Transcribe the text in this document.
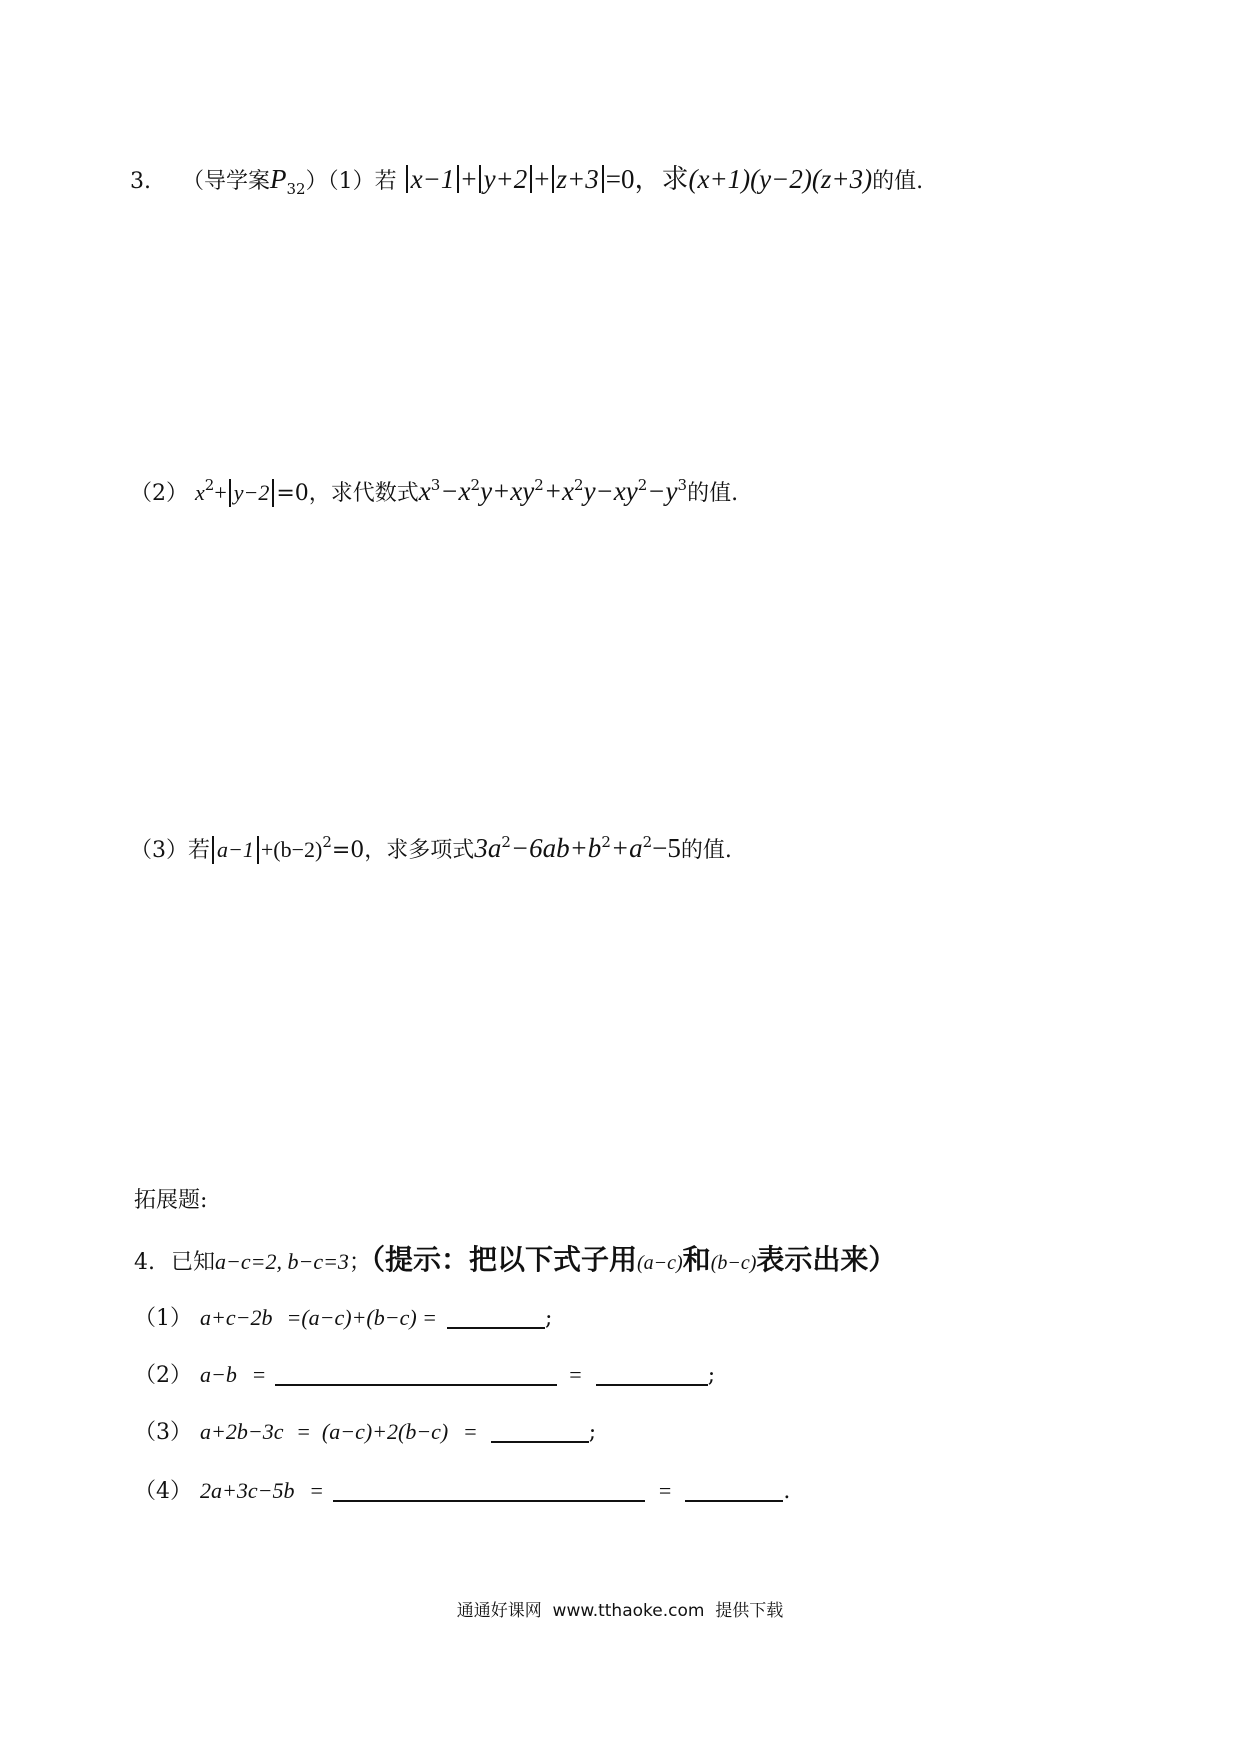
3. （导学案$P_{32})(1)$若 x−1 + y+2 + z+3 =0，求(x+1)(y−2)(z+3)的值.
（2） $x^2+ y-2 =0$，求代数式$x^3-x^2y+xy^2+x^2y-xy^2-y^3$的值.
（3）若 $a-1 +(b-2)^2=0$，求多项式$3a^2-6ab+b^2+a^2-5$的值.
拓展题:
4. 已知a−c=2, b−c=3；（提示：把以下式子用(a−c)和(b−c)表示出来）
（1） a+c−2b =(a−c)+(b−c) =	;
（2） a−b =	=	;
（3） a+2b−3c = (a−c)+2(b−c) =	;
（4） 2a+3c−5b =	=	.
通通好课网  www.tthaoke.com  提供下载
